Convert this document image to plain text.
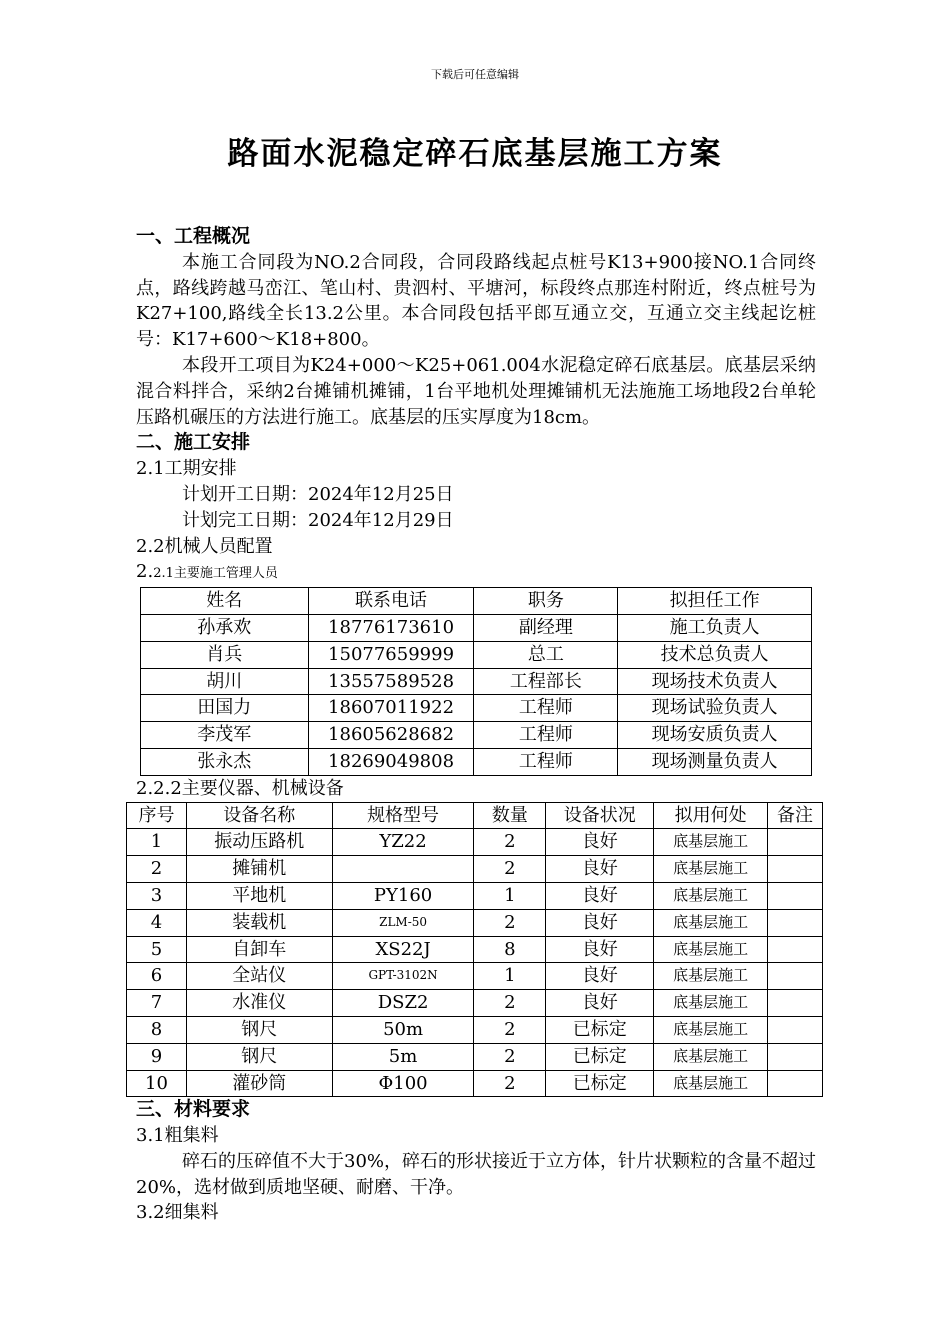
下载后可任意编辑
路面水泥稳定碎石底基层施工方案
一、工程概况
本施工合同段为NO.2合同段，合同段路线起点桩号K13+900接NO.1合同终点，路线跨越马峦江、笔山村、贵泗村、平塘河，标段终点那连村附近，终点桩号为K27+100,路线全长13.2公里。本合同段包括平郎互通立交，互通立交主线起讫桩号：K17+600～K18+800。
本段开工项目为K24+000～K25+061.004水泥稳定碎石底基层。底基层采纳混合料拌合，采纳2台摊铺机摊铺，1台平地机处理摊铺机无法施施工场地段2台单轮压路机碾压的方法进行施工。底基层的压实厚度为18cm。
二、施工安排
2.1工期安排
计划开工日期：2024年12月25日
计划完工日期：2024年12月29日
2.2机械人员配置
2.2.1主要施工管理人员
姓名	联系电话	职务	拟担任工作
孙承欢	18776173610	副经理	施工负责人
肖兵	15077659999	总工	技术总负责人
胡川	13557589528	工程部长	现场技术负责人
田国力	18607011922	工程师	现场试验负责人
李茂军	18605628682	工程师	现场安质负责人
张永杰	18269049808	工程师	现场测量负责人
2.2.2主要仪器、机械设备
序号	设备名称	规格型号	数量	设备状况	拟用何处	备注
1	振动压路机	YZ22	2	良好	底基层施工	
2	摊铺机		2	良好	底基层施工	
3	平地机	PY160	1	良好	底基层施工	
4	装载机	ZLM-50	2	良好	底基层施工	
5	自卸车	XS22J	8	良好	底基层施工	
6	全站仪	GPT-3102N	1	良好	底基层施工	
7	水准仪	DSZ2	2	良好	底基层施工	
8	钢尺	50m	2	已标定	底基层施工	
9	钢尺	5m	2	已标定	底基层施工	
10	灌砂筒	Φ100	2	已标定	底基层施工	
三、材料要求
3.1粗集料
碎石的压碎值不大于30%，碎石的形状接近于立方体，针片状颗粒的含量不超过20%，选材做到质地坚硬、耐磨、干净。
3.2细集料
